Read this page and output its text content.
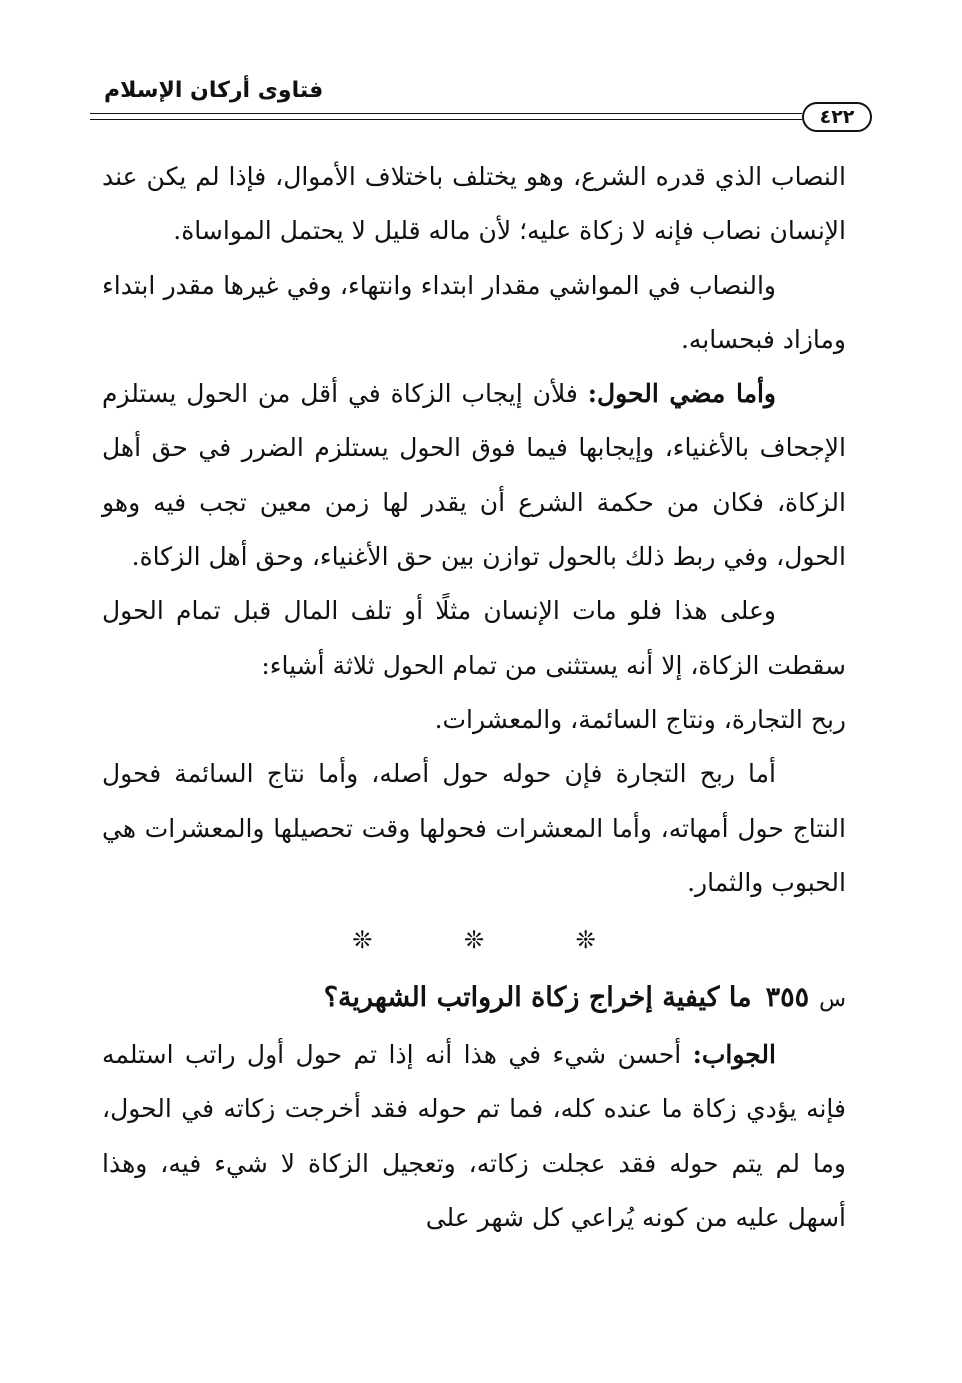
فتاوى أركان الإسلام
٤٢٢

النصاب الذي قدره الشرع، وهو يختلف باختلاف الأموال، فإذا لم يكن عند الإنسان نصاب فإنه لا زكاة عليه؛ لأن ماله قليل لا يحتمل المواساة.

والنصاب في المواشي مقدار ابتداء وانتهاء، وفي غيرها مقدر ابتداء ومازاد فبحسابه.

وأما مضي الحول: فلأن إيجاب الزكاة في أقل من الحول يستلزم الإجحاف بالأغنياء، وإيجابها فيما فوق الحول يستلزم الضرر في حق أهل الزكاة، فكان من حكمة الشرع أن يقدر لها زمن معين تجب فيه وهو الحول، وفي ربط ذلك بالحول توازن بين حق الأغنياء، وحق أهل الزكاة.

وعلى هذا فلو مات الإنسان مثلًا أو تلف المال قبل تمام الحول سقطت الزكاة، إلا أنه يستثنى من تمام الحول ثلاثة أشياء:

ربح التجارة، ونتاج السائمة، والمعشرات.

أما ربح التجارة فإن حوله حول أصله، وأما نتاج السائمة فحول النتاج حول أمهاته، وأما المعشرات فحولها وقت تحصيلها والمعشرات هي الحبوب والثمار.

❊ ❊ ❊

س٣٥٥ما كيفية إخراج زكاة الرواتب الشهرية؟

الجواب: أحسن شيء في هذا أنه إذا تم حول أول راتب استلمه فإنه يؤدي زكاة ما عنده كله، فما تم حوله فقد أخرجت زكاته في الحول، وما لم يتم حوله فقد عجلت زكاته، وتعجيل الزكاة لا شيء فيه، وهذا أسهل عليه من كونه يُراعي كل شهر على
